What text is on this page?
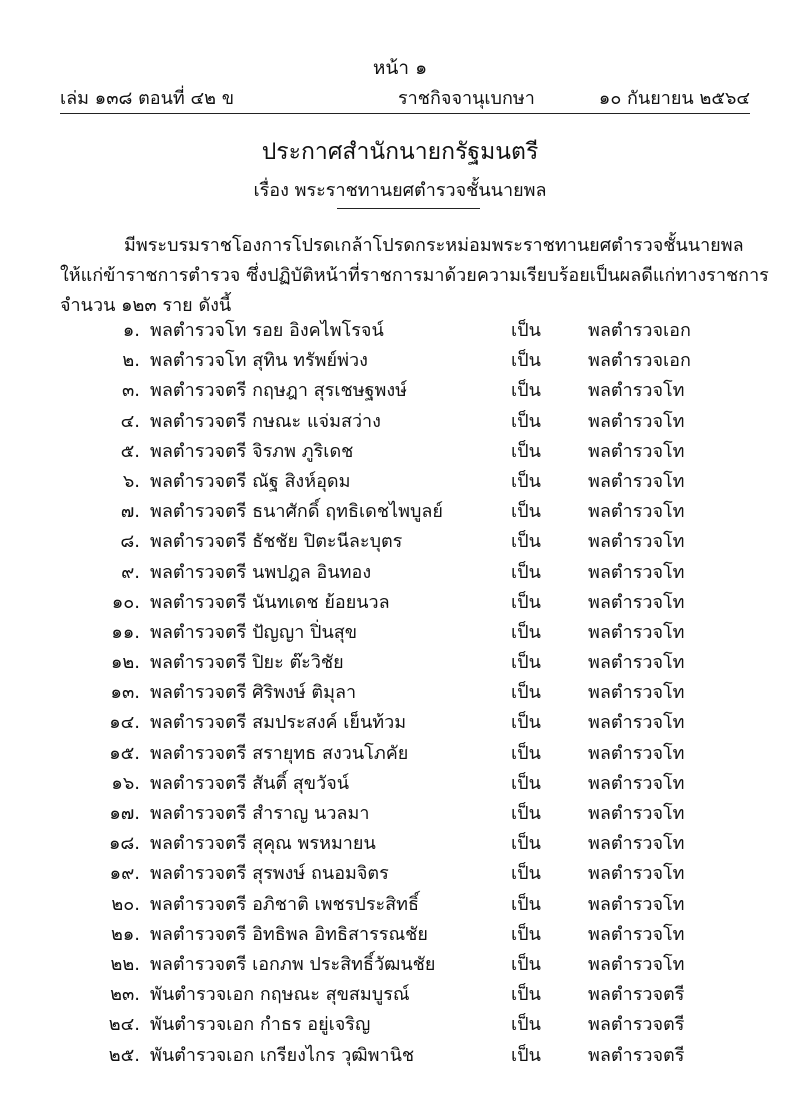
หน้า ๑
เล่ม ๑๓๘ ตอนที่ ๔๒ ข	ราชกิจจานุเบกษา	๑๐ กันยายน ๒๕๖๔
ประกาศสำนักนายกรัฐมนตรี
เรื่อง พระราชทานยศตำรวจชั้นนายพล
มีพระบรมราชโองการโปรดเกล้าโปรดกระหม่อมพระราชทานยศตำรวจชั้นนายพล
ให้แก่ข้าราชการตำรวจ ซึ่งปฏิบัติหน้าที่ราชการมาด้วยความเรียบร้อยเป็นผลดีแก่ทางราชการ
จำนวน ๑๒๓ ราย ดังนี้
๑. พลตำรวจโท รอย อิงคไพโรจน์	เป็น	พลตำรวจเอก
๒. พลตำรวจโท สุทิน ทรัพย์พ่วง	เป็น	พลตำรวจเอก
๓. พลตำรวจตรี กฤษฎา สุรเชษฐพงษ์	เป็น	พลตำรวจโท
๔. พลตำรวจตรี กษณะ แจ่มสว่าง	เป็น	พลตำรวจโท
๕. พลตำรวจตรี จิรภพ ภูริเดช	เป็น	พลตำรวจโท
๖. พลตำรวจตรี ณัฐ สิงห์อุดม	เป็น	พลตำรวจโท
๗. พลตำรวจตรี ธนาศักดิ์ ฤทธิเดชไพบูลย์	เป็น	พลตำรวจโท
๘. พลตำรวจตรี ธัชชัย ปิตะนีละบุตร	เป็น	พลตำรวจโท
๙. พลตำรวจตรี นพปฎล อินทอง	เป็น	พลตำรวจโท
๑๐. พลตำรวจตรี นันทเดช ย้อยนวล	เป็น	พลตำรวจโท
๑๑. พลตำรวจตรี ปัญญา ปิ่นสุข	เป็น	พลตำรวจโท
๑๒. พลตำรวจตรี ปิยะ ต๊ะวิชัย	เป็น	พลตำรวจโท
๑๓. พลตำรวจตรี ศิริพงษ์ ติมุลา	เป็น	พลตำรวจโท
๑๔. พลตำรวจตรี สมประสงค์ เย็นท้วม	เป็น	พลตำรวจโท
๑๕. พลตำรวจตรี สรายุทธ สงวนโภคัย	เป็น	พลตำรวจโท
๑๖. พลตำรวจตรี สันติ์ สุขวัจน์	เป็น	พลตำรวจโท
๑๗. พลตำรวจตรี สำราญ นวลมา	เป็น	พลตำรวจโท
๑๘. พลตำรวจตรี สุคุณ พรหมายน	เป็น	พลตำรวจโท
๑๙. พลตำรวจตรี สุรพงษ์ ถนอมจิตร	เป็น	พลตำรวจโท
๒๐. พลตำรวจตรี อภิชาติ เพชรประสิทธิ์	เป็น	พลตำรวจโท
๒๑. พลตำรวจตรี อิทธิพล อิทธิสารรณชัย	เป็น	พลตำรวจโท
๒๒. พลตำรวจตรี เอกภพ ประสิทธิ์วัฒนชัย	เป็น	พลตำรวจโท
๒๓. พันตำรวจเอก กฤษณะ สุขสมบูรณ์	เป็น	พลตำรวจตรี
๒๔. พันตำรวจเอก กำธร อยู่เจริญ	เป็น	พลตำรวจตรี
๒๕. พันตำรวจเอก เกรียงไกร วุฒิพานิช	เป็น	พลตำรวจตรี
